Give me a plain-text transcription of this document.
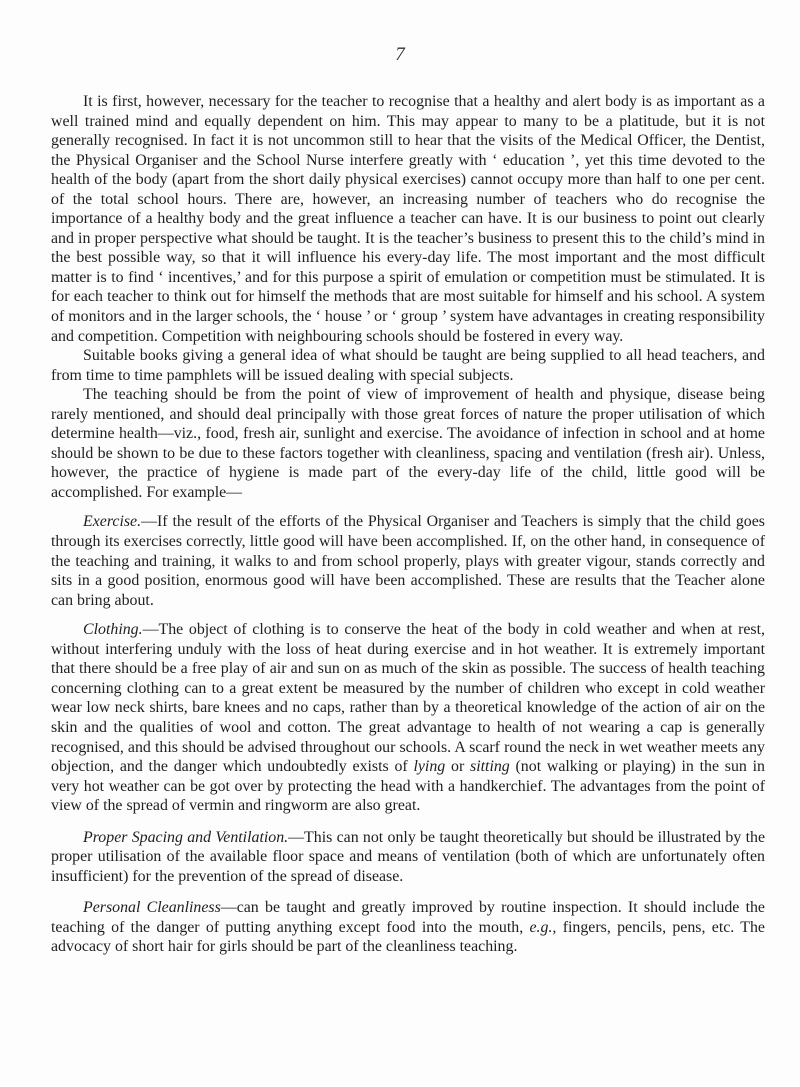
7

It is first, however, necessary for the teacher to recognise that a healthy and alert body is as important as a well trained mind and equally dependent on him. This may appear to many to be a platitude, but it is not generally recognised. In fact it is not uncommon still to hear that the visits of the Medical Officer, the Dentist, the Physical Organiser and the School Nurse interfere greatly with ‘ education ’, yet this time devoted to the health of the body (apart from the short daily physical exercises) cannot occupy more than half to one per cent. of the total school hours. There are, however, an increasing number of teachers who do recognise the importance of a healthy body and the great influence a teacher can have. It is our business to point out clearly and in proper perspective what should be taught. It is the teacher’s business to present this to the child’s mind in the best possible way, so that it will influence his every-day life. The most important and the most difficult matter is to find ‘ incentives,’ and for this purpose a spirit of emulation or competition must be stimulated. It is for each teacher to think out for himself the methods that are most suitable for himself and his school. A system of monitors and in the larger schools, the ‘ house ’ or ‘ group ’ system have advantages in creating responsibility and competition. Competition with neighbouring schools should be fostered in every way.

Suitable books giving a general idea of what should be taught are being supplied to all head teachers, and from time to time pamphlets will be issued dealing with special subjects.

The teaching should be from the point of view of improvement of health and physique, disease being rarely mentioned, and should deal principally with those great forces of nature the proper utilisation of which determine health—viz., food, fresh air, sunlight and exercise. The avoidance of infection in school and at home should be shown to be due to these factors together with cleanliness, spacing and ventilation (fresh air). Unless, however, the practice of hygiene is made part of the every-day life of the child, little good will be accomplished. For example—

Exercise.—If the result of the efforts of the Physical Organiser and Teachers is simply that the child goes through its exercises correctly, little good will have been accomplished. If, on the other hand, in consequence of the teaching and training, it walks to and from school properly, plays with greater vigour, stands correctly and sits in a good position, enormous good will have been accomplished. These are results that the Teacher alone can bring about.

Clothing.—The object of clothing is to conserve the heat of the body in cold weather and when at rest, without interfering unduly with the loss of heat during exercise and in hot weather. It is extremely important that there should be a free play of air and sun on as much of the skin as possible. The success of health teaching concerning clothing can to a great extent be measured by the number of children who except in cold weather wear low neck shirts, bare knees and no caps, rather than by a theoretical knowledge of the action of air on the skin and the qualities of wool and cotton. The great advantage to health of not wearing a cap is generally recognised, and this should be advised throughout our schools. A scarf round the neck in wet weather meets any objection, and the danger which undoubtedly exists of lying or sitting (not walking or playing) in the sun in very hot weather can be got over by protecting the head with a handkerchief. The advantages from the point of view of the spread of vermin and ringworm are also great.

Proper Spacing and Ventilation.—This can not only be taught theoretically but should be illustrated by the proper utilisation of the available floor space and means of ventilation (both of which are unfortunately often insufficient) for the prevention of the spread of disease.

Personal Cleanliness—can be taught and greatly improved by routine inspection. It should include the teaching of the danger of putting anything except food into the mouth, e.g., fingers, pencils, pens, etc. The advocacy of short hair for girls should be part of the cleanliness teaching.
